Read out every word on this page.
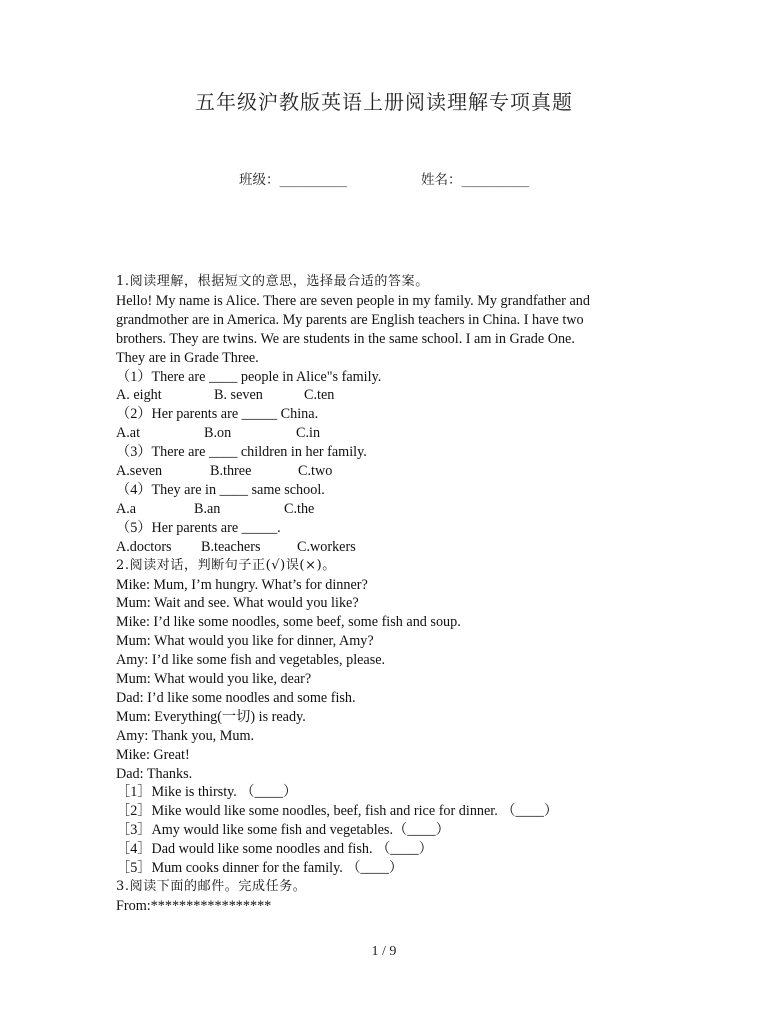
五年级沪教版英语上册阅读理解专项真题
班级：__________	姓名：__________
1.阅读理解，根据短文的意思，选择最合适的答案。
Hello! My name is Alice. There are seven people in my family. My grandfather and
grandmother are in America. My parents are English teachers in China. I have two
brothers. They are twins. We are students in the same school. I am in Grade One.
They are in Grade Three.
（1）There are ____ people in Alice"s family.
A. eight	B. seven	C.ten
（2）Her parents are _____ China.
A.at	B.on	C.in
（3）There are ____ children in her family.
A.seven	B.three	C.two
（4）They are in ____ same school.
A.a	B.an	C.the
（5）Her parents are _____.
A.doctors	B.teachers	C.workers
2.阅读对话，判断句子正(√)误(×)。
Mike: Mum, I’m hungry. What’s for dinner?
Mum: Wait and see. What would you like?
Mike: I’d like some noodles, some beef, some fish and soup.
Mum: What would you like for dinner, Amy?
Amy: I’d like some fish and vegetables, please.
Mum: What would you like, dear?
Dad: I’d like some noodles and some fish.
Mum: Everything(一切) is ready.
Amy: Thank you, Mum.
Mike: Great!
Dad: Thanks.
［1］Mike is thirsty. （____）
［2］Mike would like some noodles, beef, fish and rice for dinner. （____）
［3］Amy would like some fish and vegetables.（____）
［4］Dad would like some noodles and fish. （____）
［5］Mum cooks dinner for the family. （____）
3.阅读下面的邮件。完成任务。
From:*****************
1 / 9
